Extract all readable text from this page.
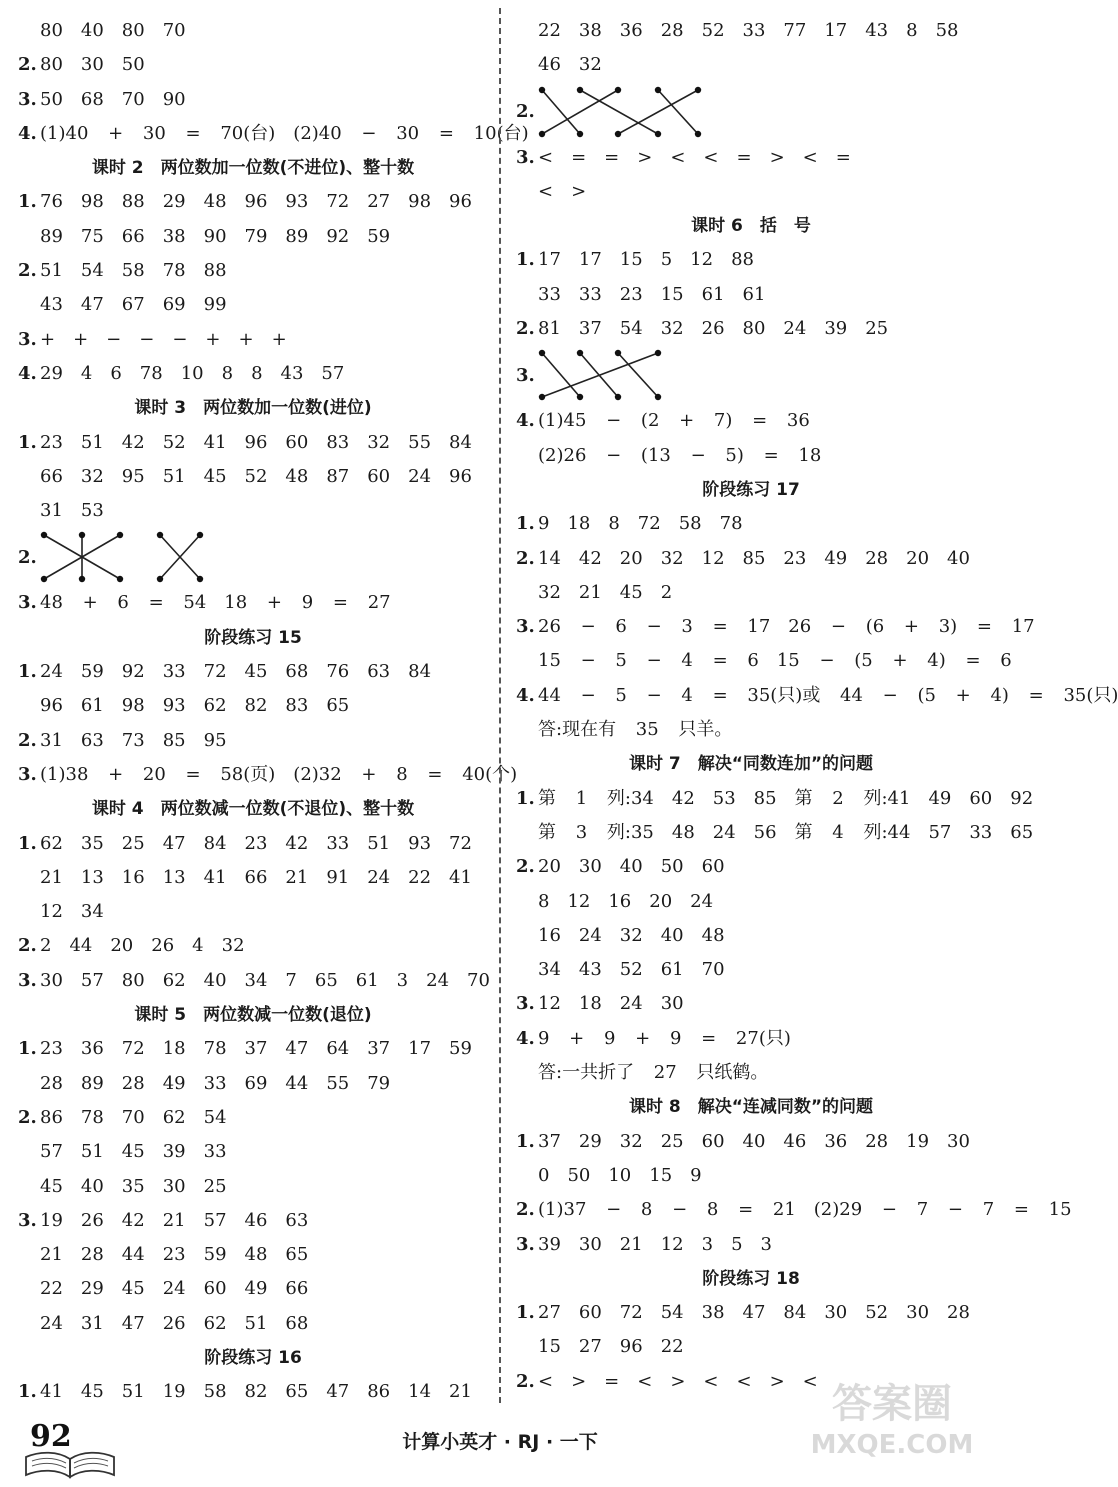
80　40　80　70
2. 80　30　50
3. 50　68　70　90
4. (1)40 + 30 = 70(台)　(2)40 − 30 = 10(台)
课时 2　两位数加一位数(不进位)、整十数
1. 76　98　88　29　48　96　93　72　27　98　96
89　75　66　38　90　79　89　92　59
2. 51　54　58　78　88
43　47　67　69　99
3. +　+　−　−　−　+　+　+
4. 29　4　6　78　10　8　8　43　57
课时 3　两位数加一位数(进位)
1. 23　51　42　52　41　96　60　83　32　55　84
66　32　95　51　45　52　48　87　60　24　96
31　53
2.
3. 48 + 6 = 54　18 + 9 = 27
阶段练习 15
1. 24　59　92　33　72　45　68　76　63　84
96　61　98　93　62　82　83　65
2. 31　63　73　85　95
3. (1)38 + 20 = 58(页)　(2)32 + 8 = 40(个)
课时 4　两位数减一位数(不退位)、整十数
1. 62　35　25　47　84　23　42　33　51　93　72
21　13　16　13　41　66　21　91　24　22　41
12　34
2. 2　44　20　26　4　32
3. 30　57　80　62　40　34　7　65　61　3　24　70
课时 5　两位数减一位数(退位)
1. 23　36　72　18　78　37　47　64　37　17　59
28　89　28　49　33　69　44　55　79
2. 86　78　70　62　54
57　51　45　39　33
45　40　35　30　25
3. 19　26　42　21　57　46　63
21　28　44　23　59　48　65
22　29　45　24　60　49　66
24　31　47　26　62　51　68
阶段练习 16
1. 41　45　51　19　58　82　65　47　86　14　21
22　38　36　28　52　33　77　17　43　8　58
46　32
2.
3. <　=　=　>　<　<　=　>　<　=
<　>
课时 6　括　号
1. 17　17　15　5　12　88
33　33　23　15　61　61
2. 81　37　54　32　26　80　24　39　25
3.
4. (1)45 − (2 + 7) = 36
(2)26 − (13 − 5) = 18
阶段练习 17
1. 9　18　8　72　58　78
2. 14　42　20　32　12　85　23　49　28　20　40
32　21　45　2
3. 26 − 6 − 3 = 17　26 − (6 + 3) = 17
15 − 5 − 4 = 6　15 − (5 + 4) = 6
4. 44 − 5 − 4 = 35(只)或 44 − (5 + 4) = 35(只)
答:现在有 35 只羊。
课时 7　解决“同数连加”的问题
1. 第 1 列:34　42　53　85　第 2 列:41　49　60　92
第 3 列:35　48　24　56　第 4 列:44　57　33　65
2. 20　30　40　50　60
8　12　16　20　24
16　24　32　40　48
34　43　52　61　70
3. 12　18　24　30
4. 9 + 9 + 9 = 27(只)
答:一共折了 27 只纸鹤。
课时 8　解决“连减同数”的问题
1. 37　29　32　25　60　40　46　36　28　19　30
0　50　10　15　9
2. (1)37 − 8 − 8 = 21　(2)29 − 7 − 7 = 15
3. 39　30　21　12　3　5　3
阶段练习 18
1. 27　60　72　54　38　47　84　30　52　30　28
15　27　96　22
2. <　>　=　<　>　<　<　>　<
92	计算小英才 · RJ · 一下
答案圈
MXQE.COM
